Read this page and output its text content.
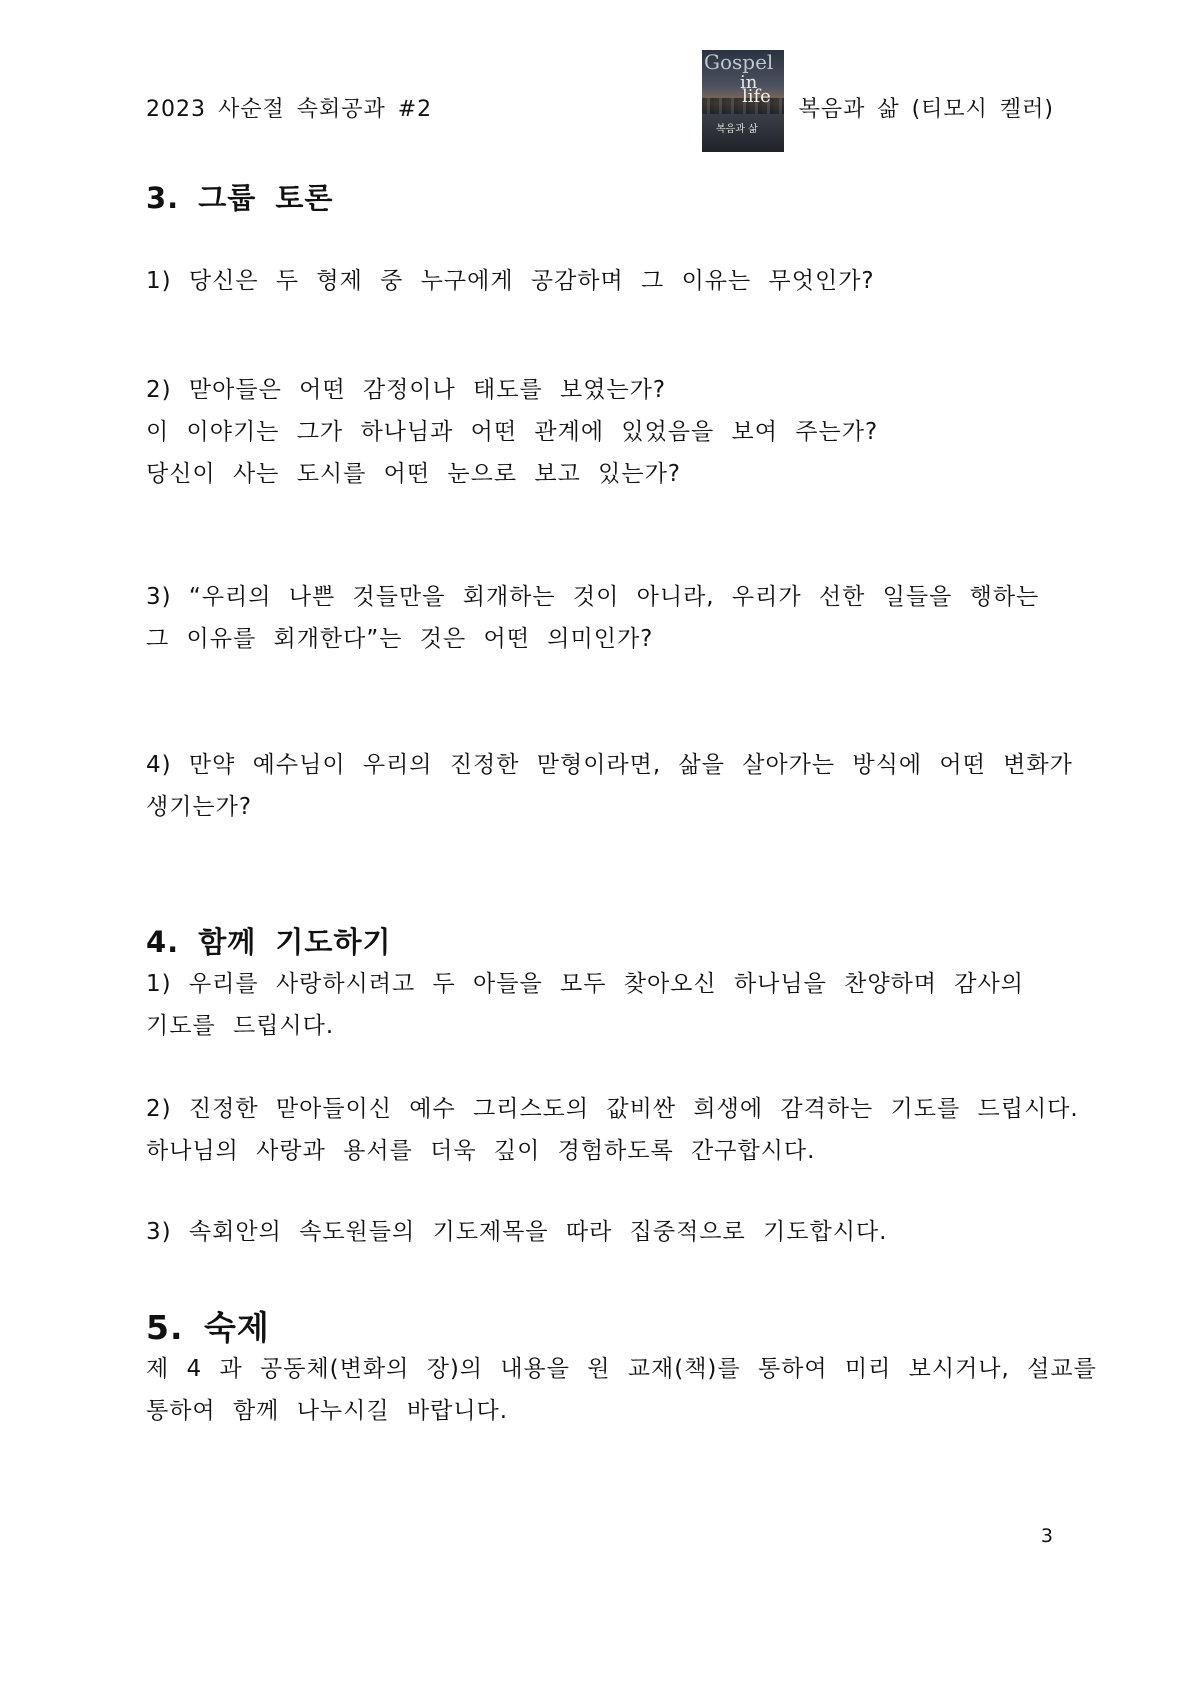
2023 사순절 속회공과 #2
Gospel
in
life
복음과 삶
복음과 삶 (티모시 켈러)
3. 그룹 토론
1) 당신은 두 형제 중 누구에게 공감하며 그 이유는 무엇인가?
2) 맏아들은 어떤 감정이나 태도를 보였는가?
이 이야기는 그가 하나님과 어떤 관계에 있었음을 보여 주는가?
당신이 사는 도시를 어떤 눈으로 보고 있는가?
3) “우리의 나쁜 것들만을 회개하는 것이 아니라, 우리가 선한 일들을 행하는
그 이유를 회개한다”는 것은 어떤 의미인가?
4) 만약 예수님이 우리의 진정한 맏형이라면, 삶을 살아가는 방식에 어떤 변화가
생기는가?
4. 함께 기도하기
1) 우리를 사랑하시려고 두 아들을 모두 찾아오신 하나님을 찬양하며 감사의
기도를 드립시다.
2) 진정한 맏아들이신 예수 그리스도의 값비싼 희생에 감격하는 기도를 드립시다.
하나님의 사랑과 용서를 더욱 깊이 경험하도록 간구합시다.
3) 속회안의 속도원들의 기도제목을 따라 집중적으로 기도합시다.
5. 숙제
제 4 과 공동체(변화의 장)의 내용을 원 교재(책)를 통하여 미리 보시거나, 설교를
통하여 함께 나누시길 바랍니다.
3
